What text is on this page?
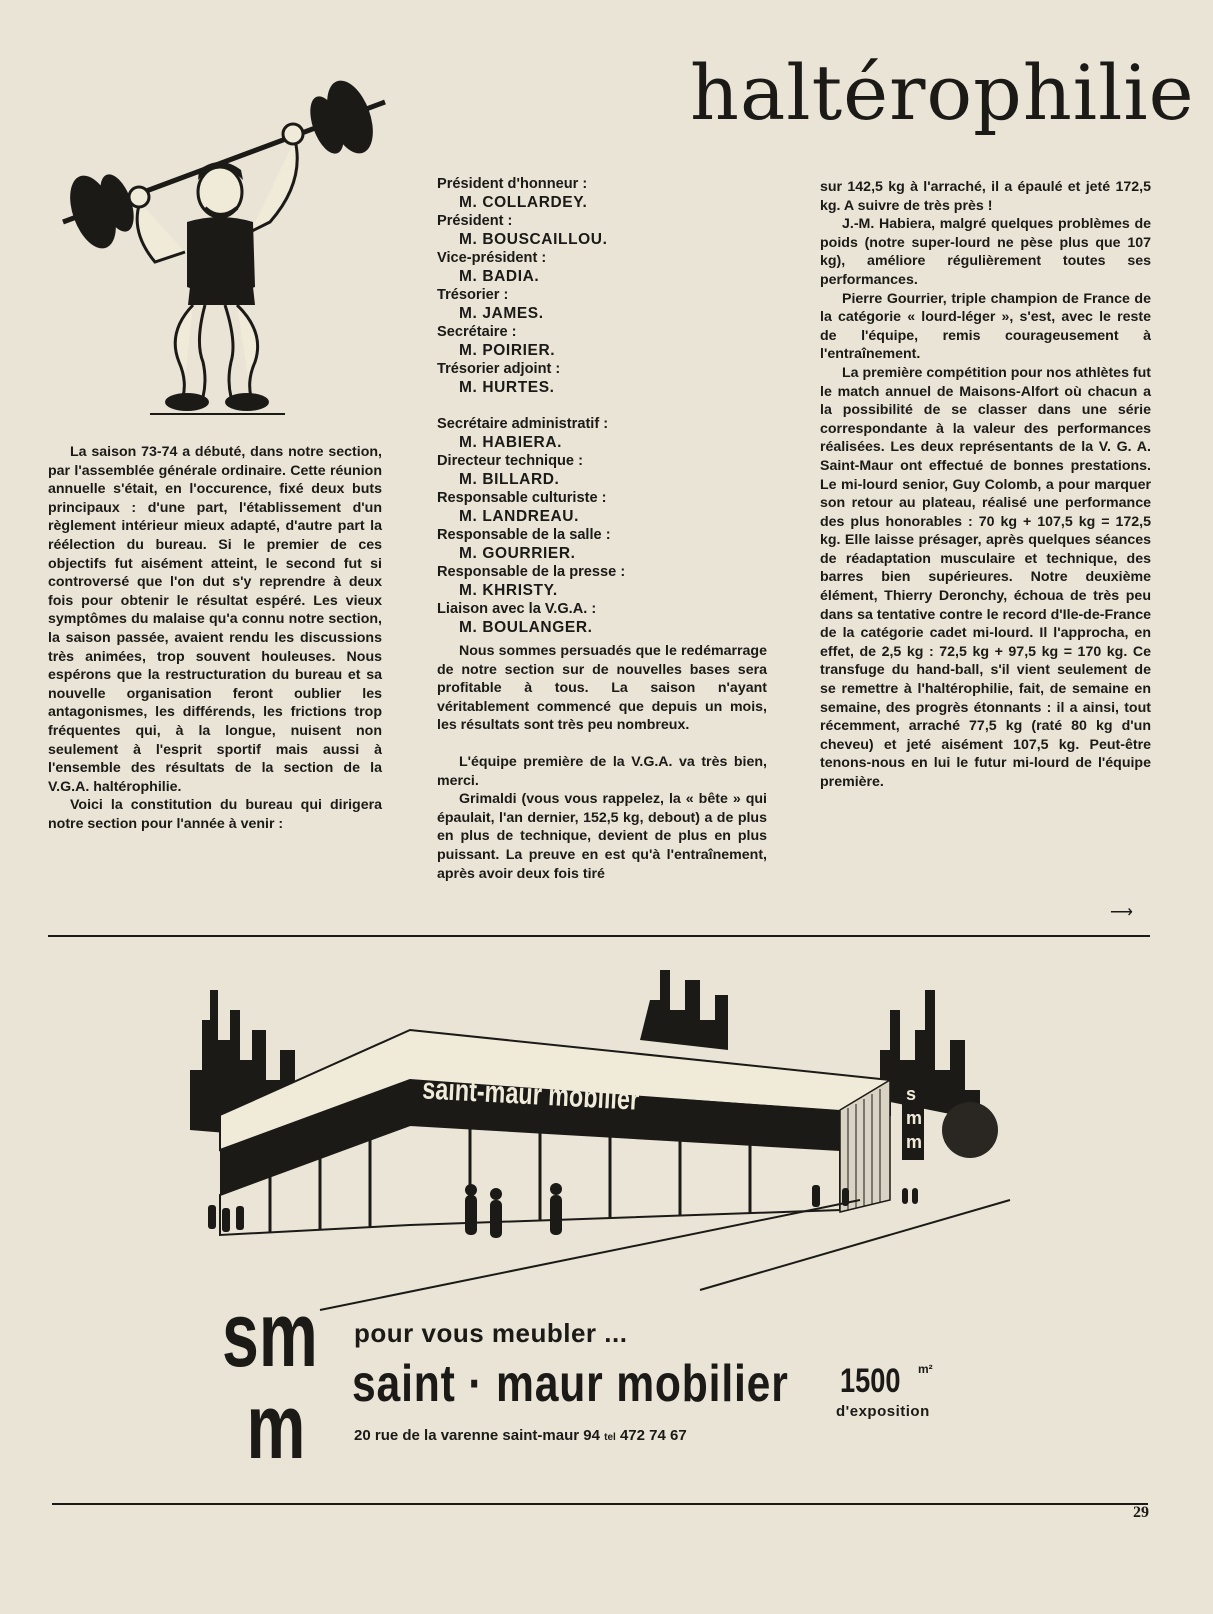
haltérophilie

La saison 73-74 a débuté, dans notre section, par l'assemblée générale ordinaire. Cette réunion annuelle s'était, en l'occurence, fixé deux buts principaux : d'une part, l'établissement d'un règlement intérieur mieux adapté, d'autre part la réélection du bureau. Si le premier de ces objectifs fut aisément atteint, le second fut si controversé que l'on dut s'y reprendre à deux fois pour obtenir le résultat espéré. Les vieux symptômes du malaise qu'a connu notre section, la saison passée, avaient rendu les discussions très animées, trop souvent houleuses. Nous espérons que la restructuration du bureau et sa nouvelle organisation feront oublier les antagonismes, les différends, les frictions trop fréquentes qui, à la longue, nuisent non seulement à l'esprit sportif mais aussi à l'ensemble des résultats de la section de la V.G.A. haltérophilie.

Voici la constitution du bureau qui dirigera notre section pour l'année à venir :

Président d'honneur :
M. COLLARDEY.
Président :
M. BOUSCAILLOU.
Vice-président :
M. BADIA.
Trésorier :
M. JAMES.
Secrétaire :
M. POIRIER.
Trésorier adjoint :
M. HURTES.
Secrétaire administratif :
M. HABIERA.
Directeur technique :
M. BILLARD.
Responsable culturiste :
M. LANDREAU.
Responsable de la salle :
M. GOURRIER.
Responsable de la presse :
M. KHRISTY.
Liaison avec la V.G.A. :
M. BOULANGER.

Nous sommes persuadés que le redémarrage de notre section sur de nouvelles bases sera profitable à tous. La saison n'ayant véritablement commencé que depuis un mois, les résultats sont très peu nombreux.

L'équipe première de la V.G.A. va très bien, merci.

Grimaldi (vous vous rappelez, la « bête » qui épaulait, l'an dernier, 152,5 kg, debout) a de plus en plus de technique, devient de plus en plus puissant. La preuve en est qu'à l'entraînement, après avoir deux fois tiré

sur 142,5 kg à l'arraché, il a épaulé et jeté 172,5 kg. A suivre de très près !

J.-M. Habiera, malgré quelques problèmes de poids (notre super-lourd ne pèse plus que 107 kg), améliore régulièrement toutes ses performances.

Pierre Gourrier, triple champion de France de la catégorie « lourd-léger », s'est, avec le reste de l'équipe, remis courageusement à l'entraînement.

La première compétition pour nos athlètes fut le match annuel de Maisons-Alfort où chacun a la possibilité de se classer dans une série correspondante à la valeur des performances réalisées. Les deux représentants de la V. G. A. Saint-Maur ont effectué de bonnes prestations. Le mi-lourd senior, Guy Colomb, a pour marquer son retour au plateau, réalisé une performance des plus honorables : 70 kg + 107,5 kg = 172,5 kg. Elle laisse présager, après quelques séances de réadaptation musculaire et technique, des barres bien supérieures. Notre deuxième élément, Thierry Deronchy, échoua de très peu dans sa tentative contre le record d'Ile-de-France de la catégorie cadet mi-lourd. Il l'approcha, en effet, de 2,5 kg : 72,5 kg + 97,5 kg = 170 kg. Ce transfuge du hand-ball, s'il vient seulement de se remettre à l'haltérophilie, fait, de semaine en semaine, des progrès étonnants : il a ainsi, tout récemment, arraché 77,5 kg (raté 80 kg d'un cheveu) et jeté aisément 107,5 kg. Peut-être tenons-nous en lui le futur mi-lourd de l'équipe première.

⟶
saint-maur mobilier	s
m
m
sm
m
pour vous meubler ...
saint · maur mobilier 1500 m²
d'exposition
20 rue de la varenne saint-maur 94 tel 472 74 67
29
